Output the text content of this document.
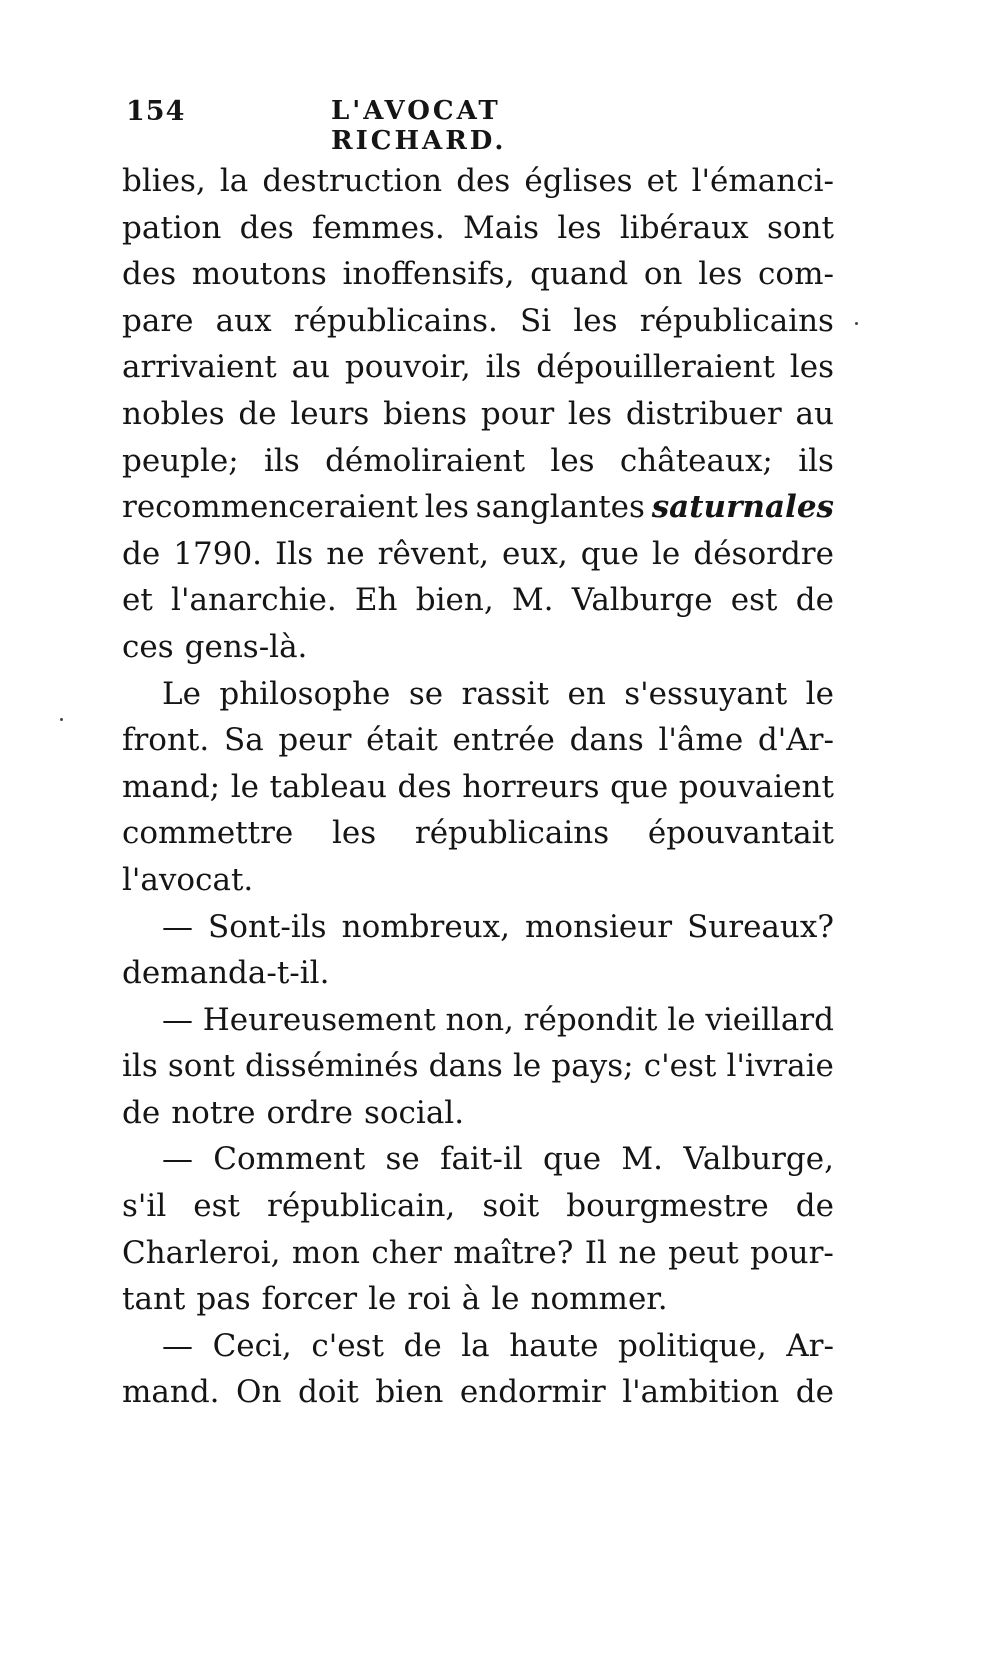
154	L'AVOCAT RICHARD.
blies, la destruction des églises et l'émanci-
pation des femmes. Mais les libéraux sont
des moutons inoffensifs, quand on les com-
pare aux républicains. Si les républicains
arrivaient au pouvoir, ils dépouilleraient les
nobles de leurs biens pour les distribuer au
peuple; ils démoliraient les châteaux; ils
recommenceraient les sanglantes saturnales
de 1790. Ils ne rêvent, eux, que le désordre
et l'anarchie. Eh bien, M. Valburge est de
ces gens-là.
Le philosophe se rassit en s'essuyant le
front. Sa peur était entrée dans l'âme d'Ar-
mand; le tableau des horreurs que pouvaient
commettre les républicains épouvantait
l'avocat.
— Sont-ils nombreux, monsieur Sureaux?
demanda-t-il.
— Heureusement non, répondit le vieillard
ils sont disséminés dans le pays; c'est l'ivraie
de notre ordre social.
— Comment se fait-il que M. Valburge,
s'il est républicain, soit bourgmestre de
Charleroi, mon cher maître? Il ne peut pour-
tant pas forcer le roi à le nommer.
— Ceci, c'est de la haute politique, Ar-
mand. On doit bien endormir l'ambition de
